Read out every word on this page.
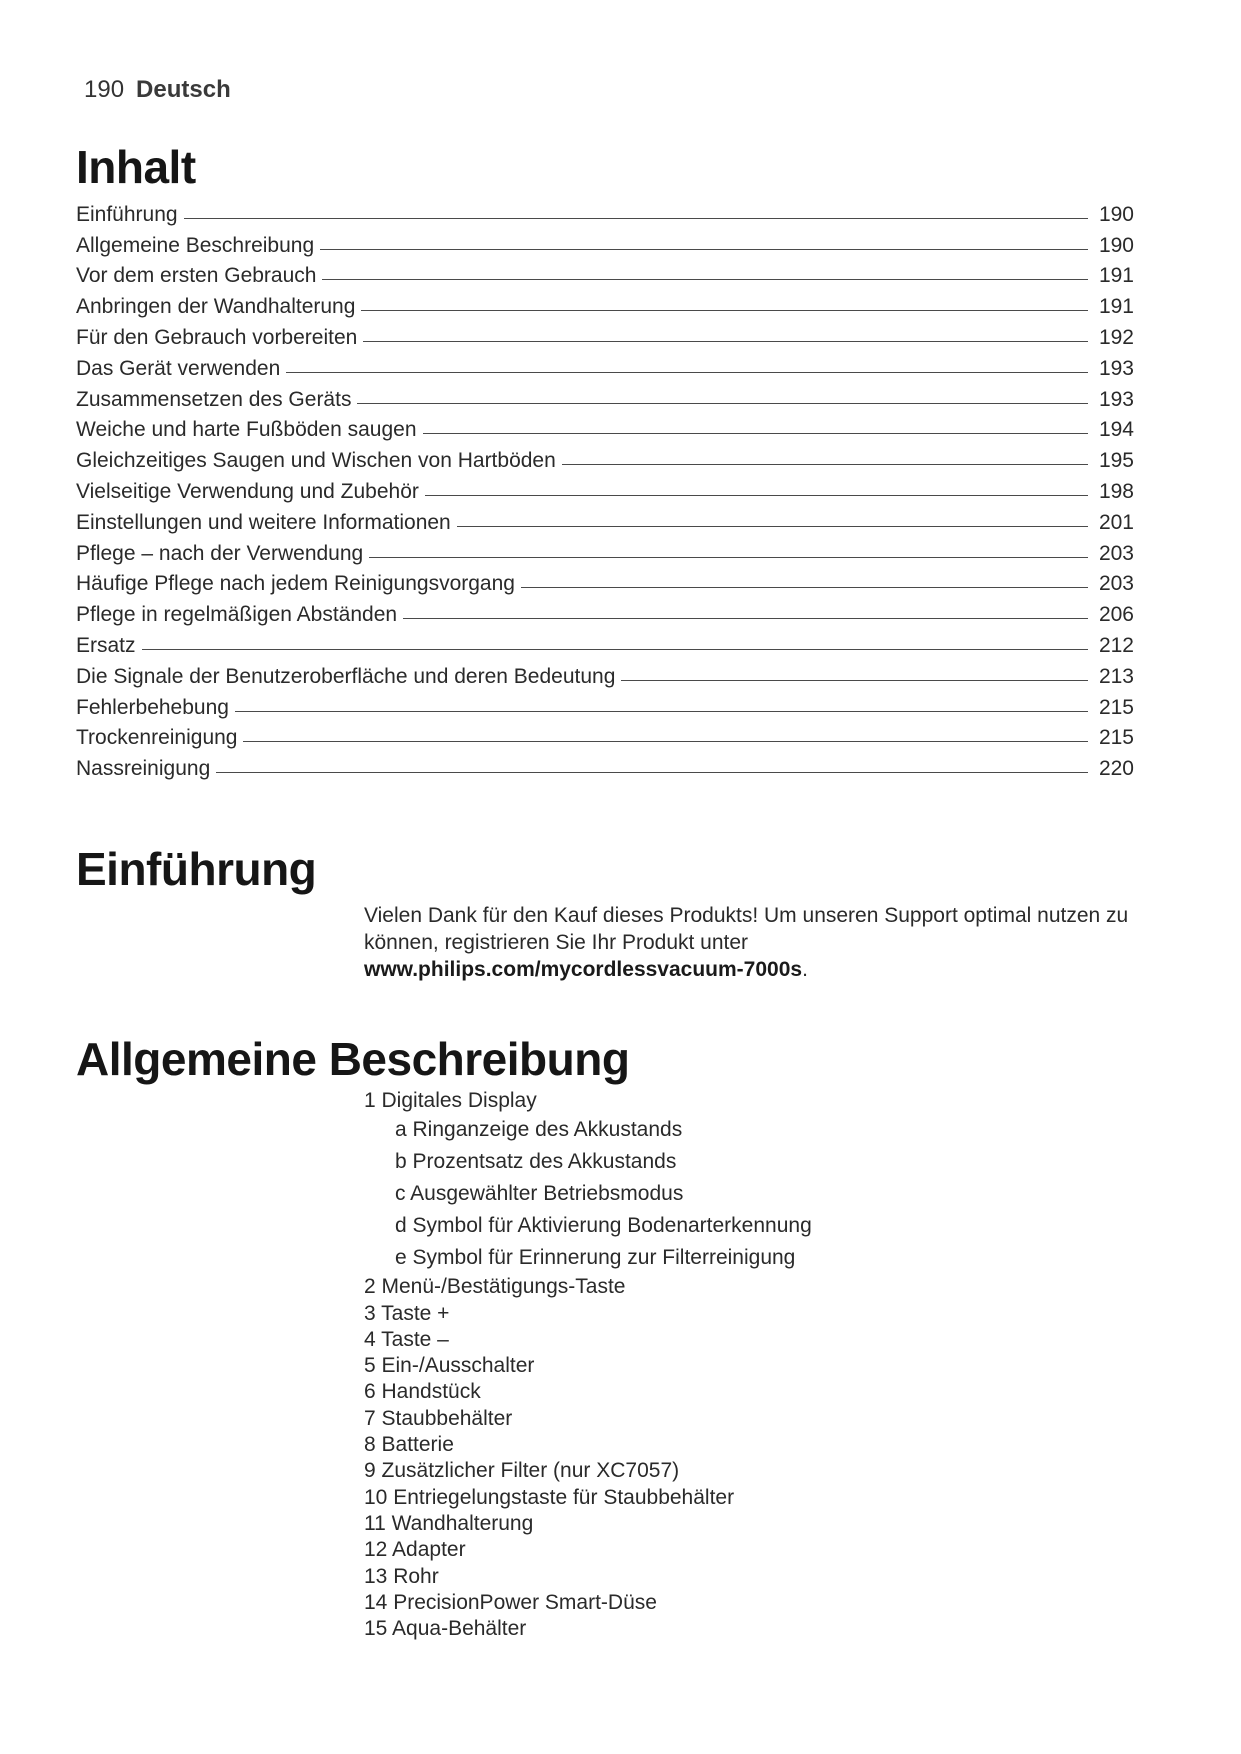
190 Deutsch
Inhalt
Einführung	190
Allgemeine Beschreibung	190
Vor dem ersten Gebrauch	191
Anbringen der Wandhalterung	191
Für den Gebrauch vorbereiten	192
Das Gerät verwenden	193
Zusammensetzen des Geräts	193
Weiche und harte Fußböden saugen	194
Gleichzeitiges Saugen und Wischen von Hartböden	195
Vielseitige Verwendung und Zubehör	198
Einstellungen und weitere Informationen	201
Pflege – nach der Verwendung	203
Häufige Pflege nach jedem Reinigungsvorgang	203
Pflege in regelmäßigen Abständen	206
Ersatz	212
Die Signale der Benutzeroberfläche und deren Bedeutung	213
Fehlerbehebung	215
Trockenreinigung	215
Nassreinigung	220
Einführung

Vielen Dank für den Kauf dieses Produkts! Um unseren Support optimal nutzen zu können, registrieren Sie Ihr Produkt unter
www.philips.com/mycordlessvacuum-7000s.

Allgemeine Beschreibung
1 Digitales Display
a Ringanzeige des Akkustands
b Prozentsatz des Akkustands
c Ausgewählter Betriebsmodus
d Symbol für Aktivierung Bodenarterkennung
e Symbol für Erinnerung zur Filterreinigung
2 Menü-/Bestätigungs-Taste
3 Taste +
4 Taste –
5 Ein-/Ausschalter
6 Handstück
7 Staubbehälter
8 Batterie
9 Zusätzlicher Filter (nur XC7057)
10 Entriegelungstaste für Staubbehälter
11 Wandhalterung
12 Adapter
13 Rohr
14 PrecisionPower Smart-Düse
15 Aqua-Behälter
